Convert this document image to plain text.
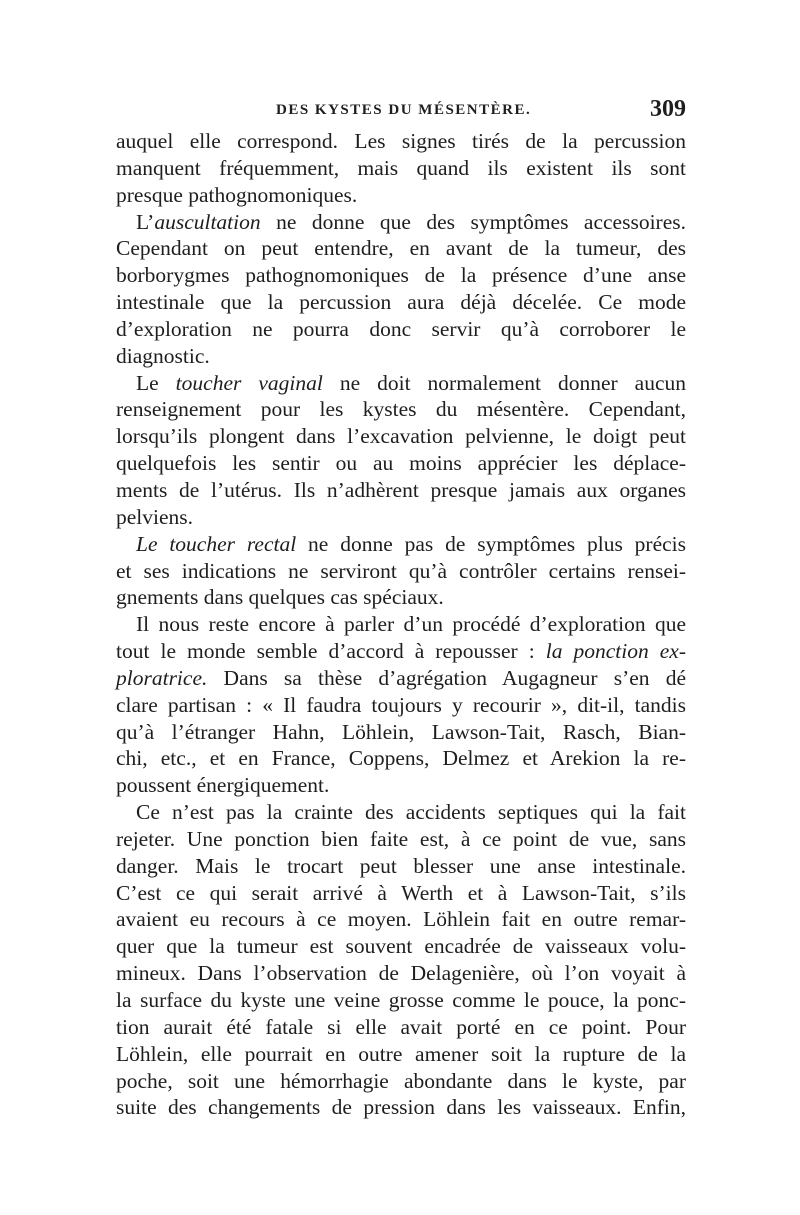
DES KYSTES DU MÉSENTÈRE.	309
auquel elle correspond. Les signes tirés de la percussion
manquent fréquemment, mais quand ils existent ils sont
presque pathognomoniques.
L’auscultation ne donne que des symptômes accessoires.
Cependant on peut entendre, en avant de la tumeur, des
borborygmes pathognomoniques de la présence d’une anse
intestinale que la percussion aura déjà décelée. Ce mode
d’exploration ne pourra donc servir qu’à corroborer le
diagnostic.
Le toucher vaginal ne doit normalement donner aucun
renseignement pour les kystes du mésentère. Cependant,
lorsqu’ils plongent dans l’excavation pelvienne, le doigt peut
quelquefois les sentir ou au moins apprécier les déplace-
ments de l’utérus. Ils n’adhèrent presque jamais aux organes
pelviens.
Le toucher rectal ne donne pas de symptômes plus précis
et ses indications ne serviront qu’à contrôler certains rensei-
gnements dans quelques cas spéciaux.
Il nous reste encore à parler d’un procédé d’exploration que
tout le monde semble d’accord à repousser : la ponction ex-
ploratrice. Dans sa thèse d’agrégation Augagneur s’en dé
clare partisan : « Il faudra toujours y recourir », dit-il, tandis
qu’à l’étranger Hahn, Löhlein, Lawson-Tait, Rasch, Bian-
chi, etc., et en France, Coppens, Delmez et Arekion la re-
poussent énergiquement.
Ce n’est pas la crainte des accidents septiques qui la fait
rejeter. Une ponction bien faite est, à ce point de vue, sans
danger. Mais le trocart peut blesser une anse intestinale.
C’est ce qui serait arrivé à Werth et à Lawson-Tait, s’ils
avaient eu recours à ce moyen. Löhlein fait en outre remar-
quer que la tumeur est souvent encadrée de vaisseaux volu-
mineux. Dans l’observation de Delagenière, où l’on voyait à
la surface du kyste une veine grosse comme le pouce, la ponc-
tion aurait été fatale si elle avait porté en ce point. Pour
Löhlein, elle pourrait en outre amener soit la rupture de la
poche, soit une hémorrhagie abondante dans le kyste, par
suite des changements de pression dans les vaisseaux. Enfin,
